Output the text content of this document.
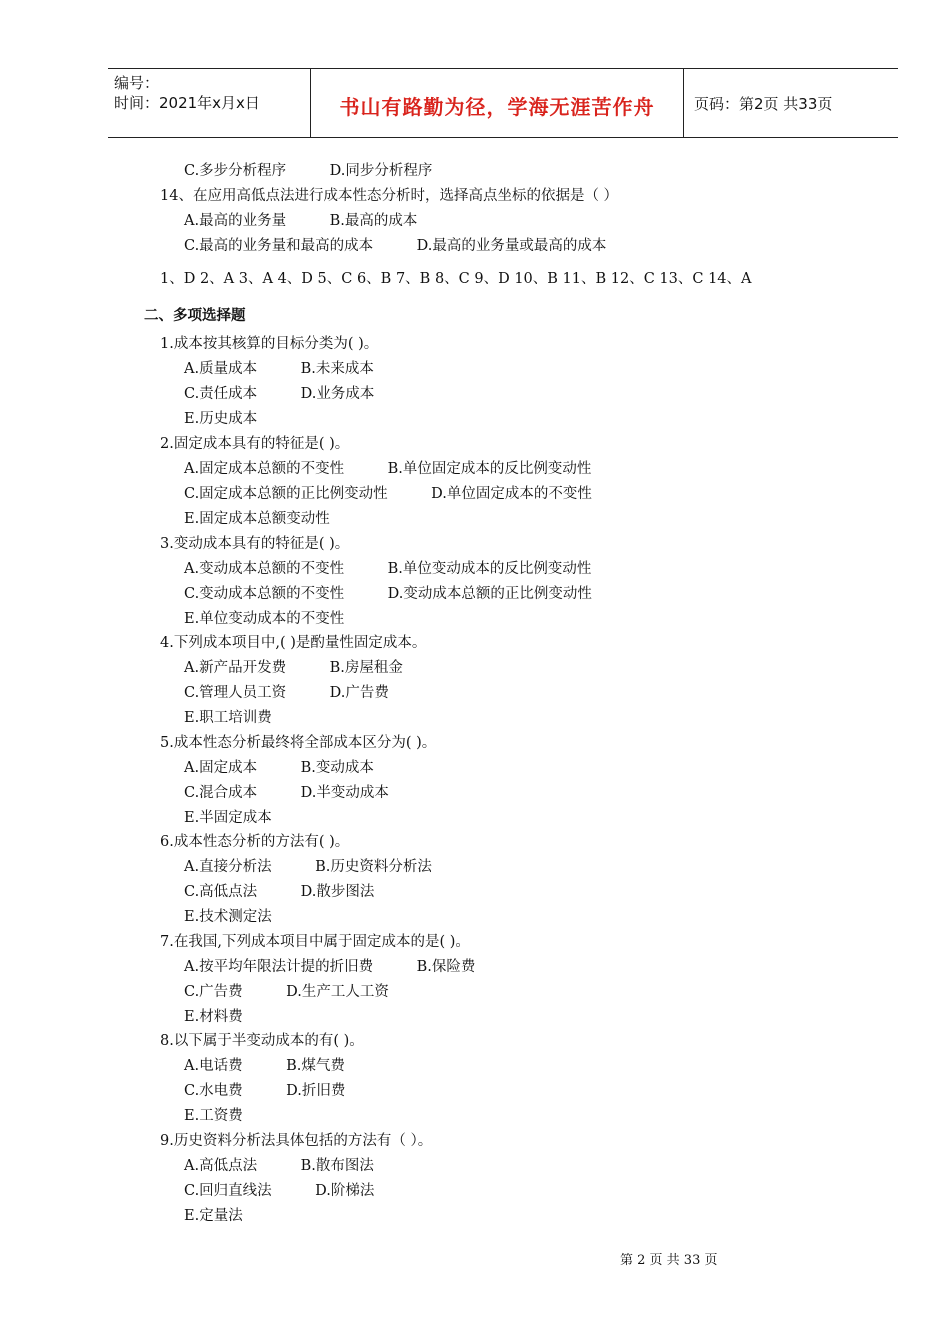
编号：
时间：2021年x月x日	书山有路勤为径，学海无涯苦作舟	页码：第2页 共33页
C.多步分析程序　　　D.同步分析程序
14、在应用高低点法进行成本性态分析时，选择高点坐标的依据是（ ）
A.最高的业务量　　　B.最高的成本
C.最高的业务量和最高的成本　　　D.最高的业务量或最高的成本
1、D 2、A 3、A 4、D 5、C 6、B 7、B 8、C 9、D 10、B 11、B 12、C 13、C 14、A
二、多项选择题
1.成本按其核算的目标分类为( )。
A.质量成本　　　B.未来成本
C.责任成本　　　D.业务成本
E.历史成本
2.固定成本具有的特征是( )。
A.固定成本总额的不变性　　　B.单位固定成本的反比例变动性
C.固定成本总额的正比例变动性　　　D.单位固定成本的不变性
E.固定成本总额变动性
3.变动成本具有的特征是( )。
A.变动成本总额的不变性　　　B.单位变动成本的反比例变动性
C.变动成本总额的不变性　　　D.变动成本总额的正比例变动性
E.单位变动成本的不变性
4.下列成本项目中,( )是酌量性固定成本。
A.新产品开发费　　　B.房屋租金
C.管理人员工资　　　D.广告费
E.职工培训费
5.成本性态分析最终将全部成本区分为( )。
A.固定成本　　　B.变动成本
C.混合成本　　　D.半变动成本
E.半固定成本
6.成本性态分析的方法有( )。
A.直接分析法　　　B.历史资料分析法
C.高低点法　　　D.散步图法
E.技术测定法
7.在我国,下列成本项目中属于固定成本的是( )。
A.按平均年限法计提的折旧费　　　B.保险费
C.广告费　　　D.生产工人工资
E.材料费
8.以下属于半变动成本的有( )。
A.电话费　　　B.煤气费
C.水电费　　　D.折旧费
E.工资费
9.历史资料分析法具体包括的方法有（ ）。
A.高低点法　　　B.散布图法
C.回归直线法　　　D.阶梯法
E.定量法
第 2 页 共 33 页
